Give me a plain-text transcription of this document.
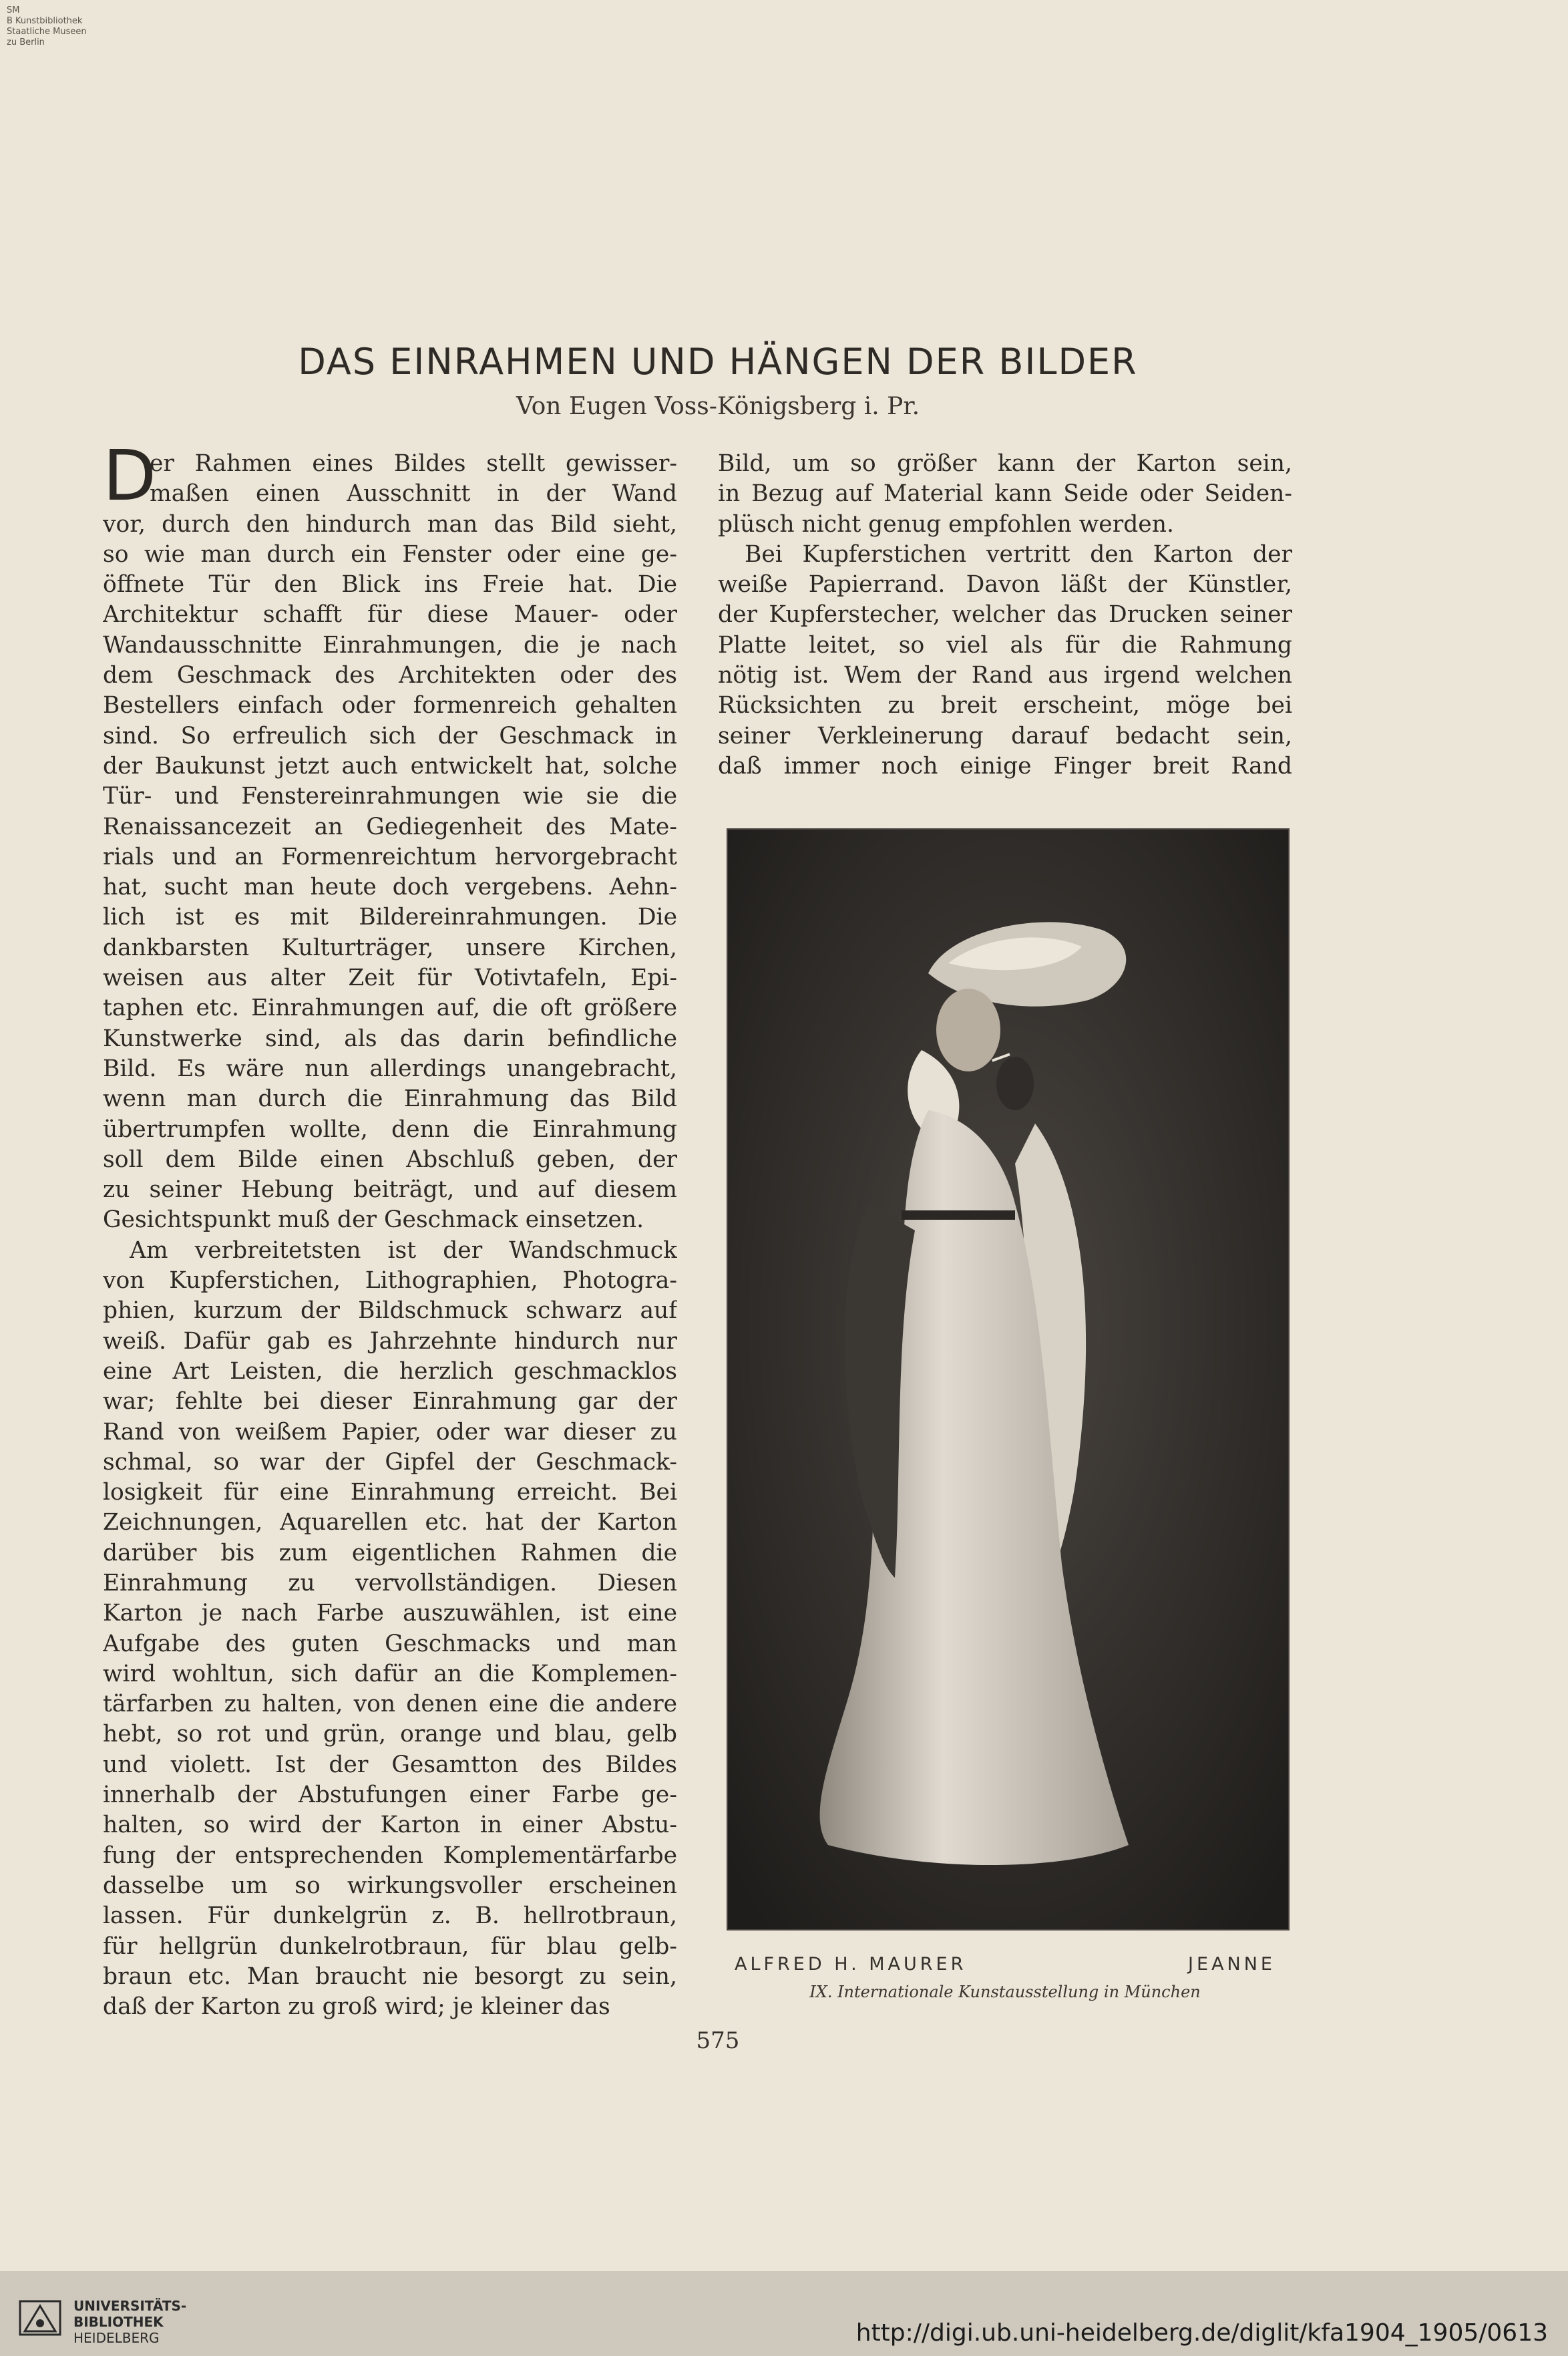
SM
B Kunstbibliothek
Staatliche Museen
zu Berlin
DAS EINRAHMEN UND HÄNGEN DER BILDER
Von Eugen Voss-Königsberg i. Pr.
D
er Rahmen eines Bildes stellt gewisser-
maßen einen Ausschnitt in der Wand
vor, durch den hindurch man das Bild sieht,
so wie man durch ein Fenster oder eine ge-
öffnete Tür den Blick ins Freie hat. Die
Architektur schafft für diese Mauer- oder
Wandausschnitte Einrahmungen, die je nach
dem Geschmack des Architekten oder des
Bestellers einfach oder formenreich gehalten
sind. So erfreulich sich der Geschmack in
der Baukunst jetzt auch entwickelt hat, solche
Tür- und Fenstereinrahmungen wie sie die
Renaissancezeit an Gediegenheit des Mate-
rials und an Formenreichtum hervorgebracht
hat, sucht man heute doch vergebens. Aehn-
lich ist es mit Bildereinrahmungen. Die
dankbarsten Kulturträger, unsere Kirchen,
weisen aus alter Zeit für Votivtafeln, Epi-
taphen etc. Einrahmungen auf, die oft größere
Kunstwerke sind, als das darin befindliche
Bild. Es wäre nun allerdings unangebracht,
wenn man durch die Einrahmung das Bild
übertrumpfen wollte, denn die Einrahmung
soll dem Bilde einen Abschluß geben, der
zu seiner Hebung beiträgt, und auf diesem
Gesichtspunkt muß der Geschmack einsetzen.
Am verbreitetsten ist der Wandschmuck
von Kupferstichen, Lithographien, Photogra-
phien, kurzum der Bildschmuck schwarz auf
weiß. Dafür gab es Jahrzehnte hindurch nur
eine Art Leisten, die herzlich geschmacklos
war; fehlte bei dieser Einrahmung gar der
Rand von weißem Papier, oder war dieser zu
schmal, so war der Gipfel der Geschmack-
losigkeit für eine Einrahmung erreicht. Bei
Zeichnungen, Aquarellen etc. hat der Karton
darüber bis zum eigentlichen Rahmen die
Einrahmung zu vervollständigen. Diesen
Karton je nach Farbe auszuwählen, ist eine
Aufgabe des guten Geschmacks und man
wird wohltun, sich dafür an die Komplemen-
tärfarben zu halten, von denen eine die andere
hebt, so rot und grün, orange und blau, gelb
und violett. Ist der Gesamtton des Bildes
innerhalb der Abstufungen einer Farbe ge-
halten, so wird der Karton in einer Abstu-
fung der entsprechenden Komplementärfarbe
dasselbe um so wirkungsvoller erscheinen
lassen. Für dunkelgrün z. B. hellrotbraun,
für hellgrün dunkelrotbraun, für blau gelb-
braun etc. Man braucht nie besorgt zu sein,
daß der Karton zu groß wird; je kleiner das
Bild, um so größer kann der Karton sein,
in Bezug auf Material kann Seide oder Seiden-
plüsch nicht genug empfohlen werden.
Bei Kupferstichen vertritt den Karton der
weiße Papierrand. Davon läßt der Künstler,
der Kupferstecher, welcher das Drucken seiner
Platte leitet, so viel als für die Rahmung
nötig ist. Wem der Rand aus irgend welchen
Rücksichten zu breit erscheint, möge bei
seiner Verkleinerung darauf bedacht sein,
daß immer noch einige Finger breit Rand
ALFRED H. MAURER	JEANNE
IX. Internationale Kunstausstellung in München
575
UNIVERSITÄTS-
BIBLIOTHEK
HEIDELBERG	http://digi.ub.uni-heidelberg.de/diglit/kfa1904_1905/0613
